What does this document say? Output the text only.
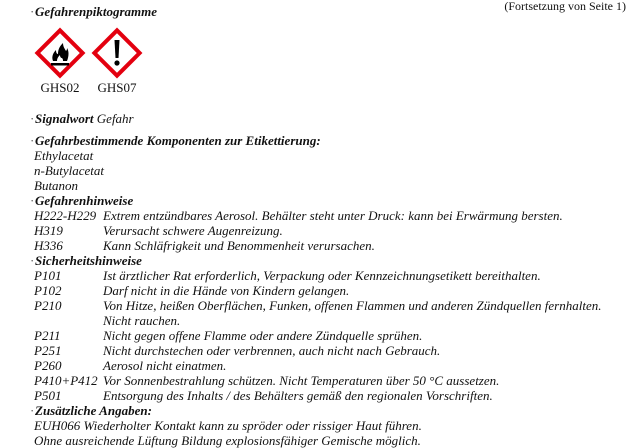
(Fortsetzung von Seite 1)
·Gefahrenpiktogramme
GHS02	GHS07
·Signalwort Gefahr
·Gefahrbestimmende Komponenten zur Etikettierung:
Ethylacetat
n-Butylacetat
Butanon
·Gefahrenhinweise
H222-H229 Extrem entzündbares Aerosol. Behälter steht unter Druck: kann bei Erwärmung bersten.
H319	Verursacht schwere Augenreizung.
H336	Kann Schläfrigkeit und Benommenheit verursachen.
·Sicherheitshinweise
P101	Ist ärztlicher Rat erforderlich, Verpackung oder Kennzeichnungsetikett bereithalten.
P102	Darf nicht in die Hände von Kindern gelangen.
P210	Von Hitze, heißen Oberflächen, Funken, offenen Flammen und anderen Zündquellen fernhalten.
Nicht rauchen.
P211	Nicht gegen offene Flamme oder andere Zündquelle sprühen.
P251	Nicht durchstechen oder verbrennen, auch nicht nach Gebrauch.
P260	Aerosol nicht einatmen.
P410+P412 Vor Sonnenbestrahlung schützen. Nicht Temperaturen über 50 °C aussetzen.
P501	Entsorgung des Inhalts / des Behälters gemäß den regionalen Vorschriften.
·Zusätzliche Angaben:
EUH066 Wiederholter Kontakt kann zu spröder oder rissiger Haut führen.
Ohne ausreichende Lüftung Bildung explosionsfähiger Gemische möglich.
